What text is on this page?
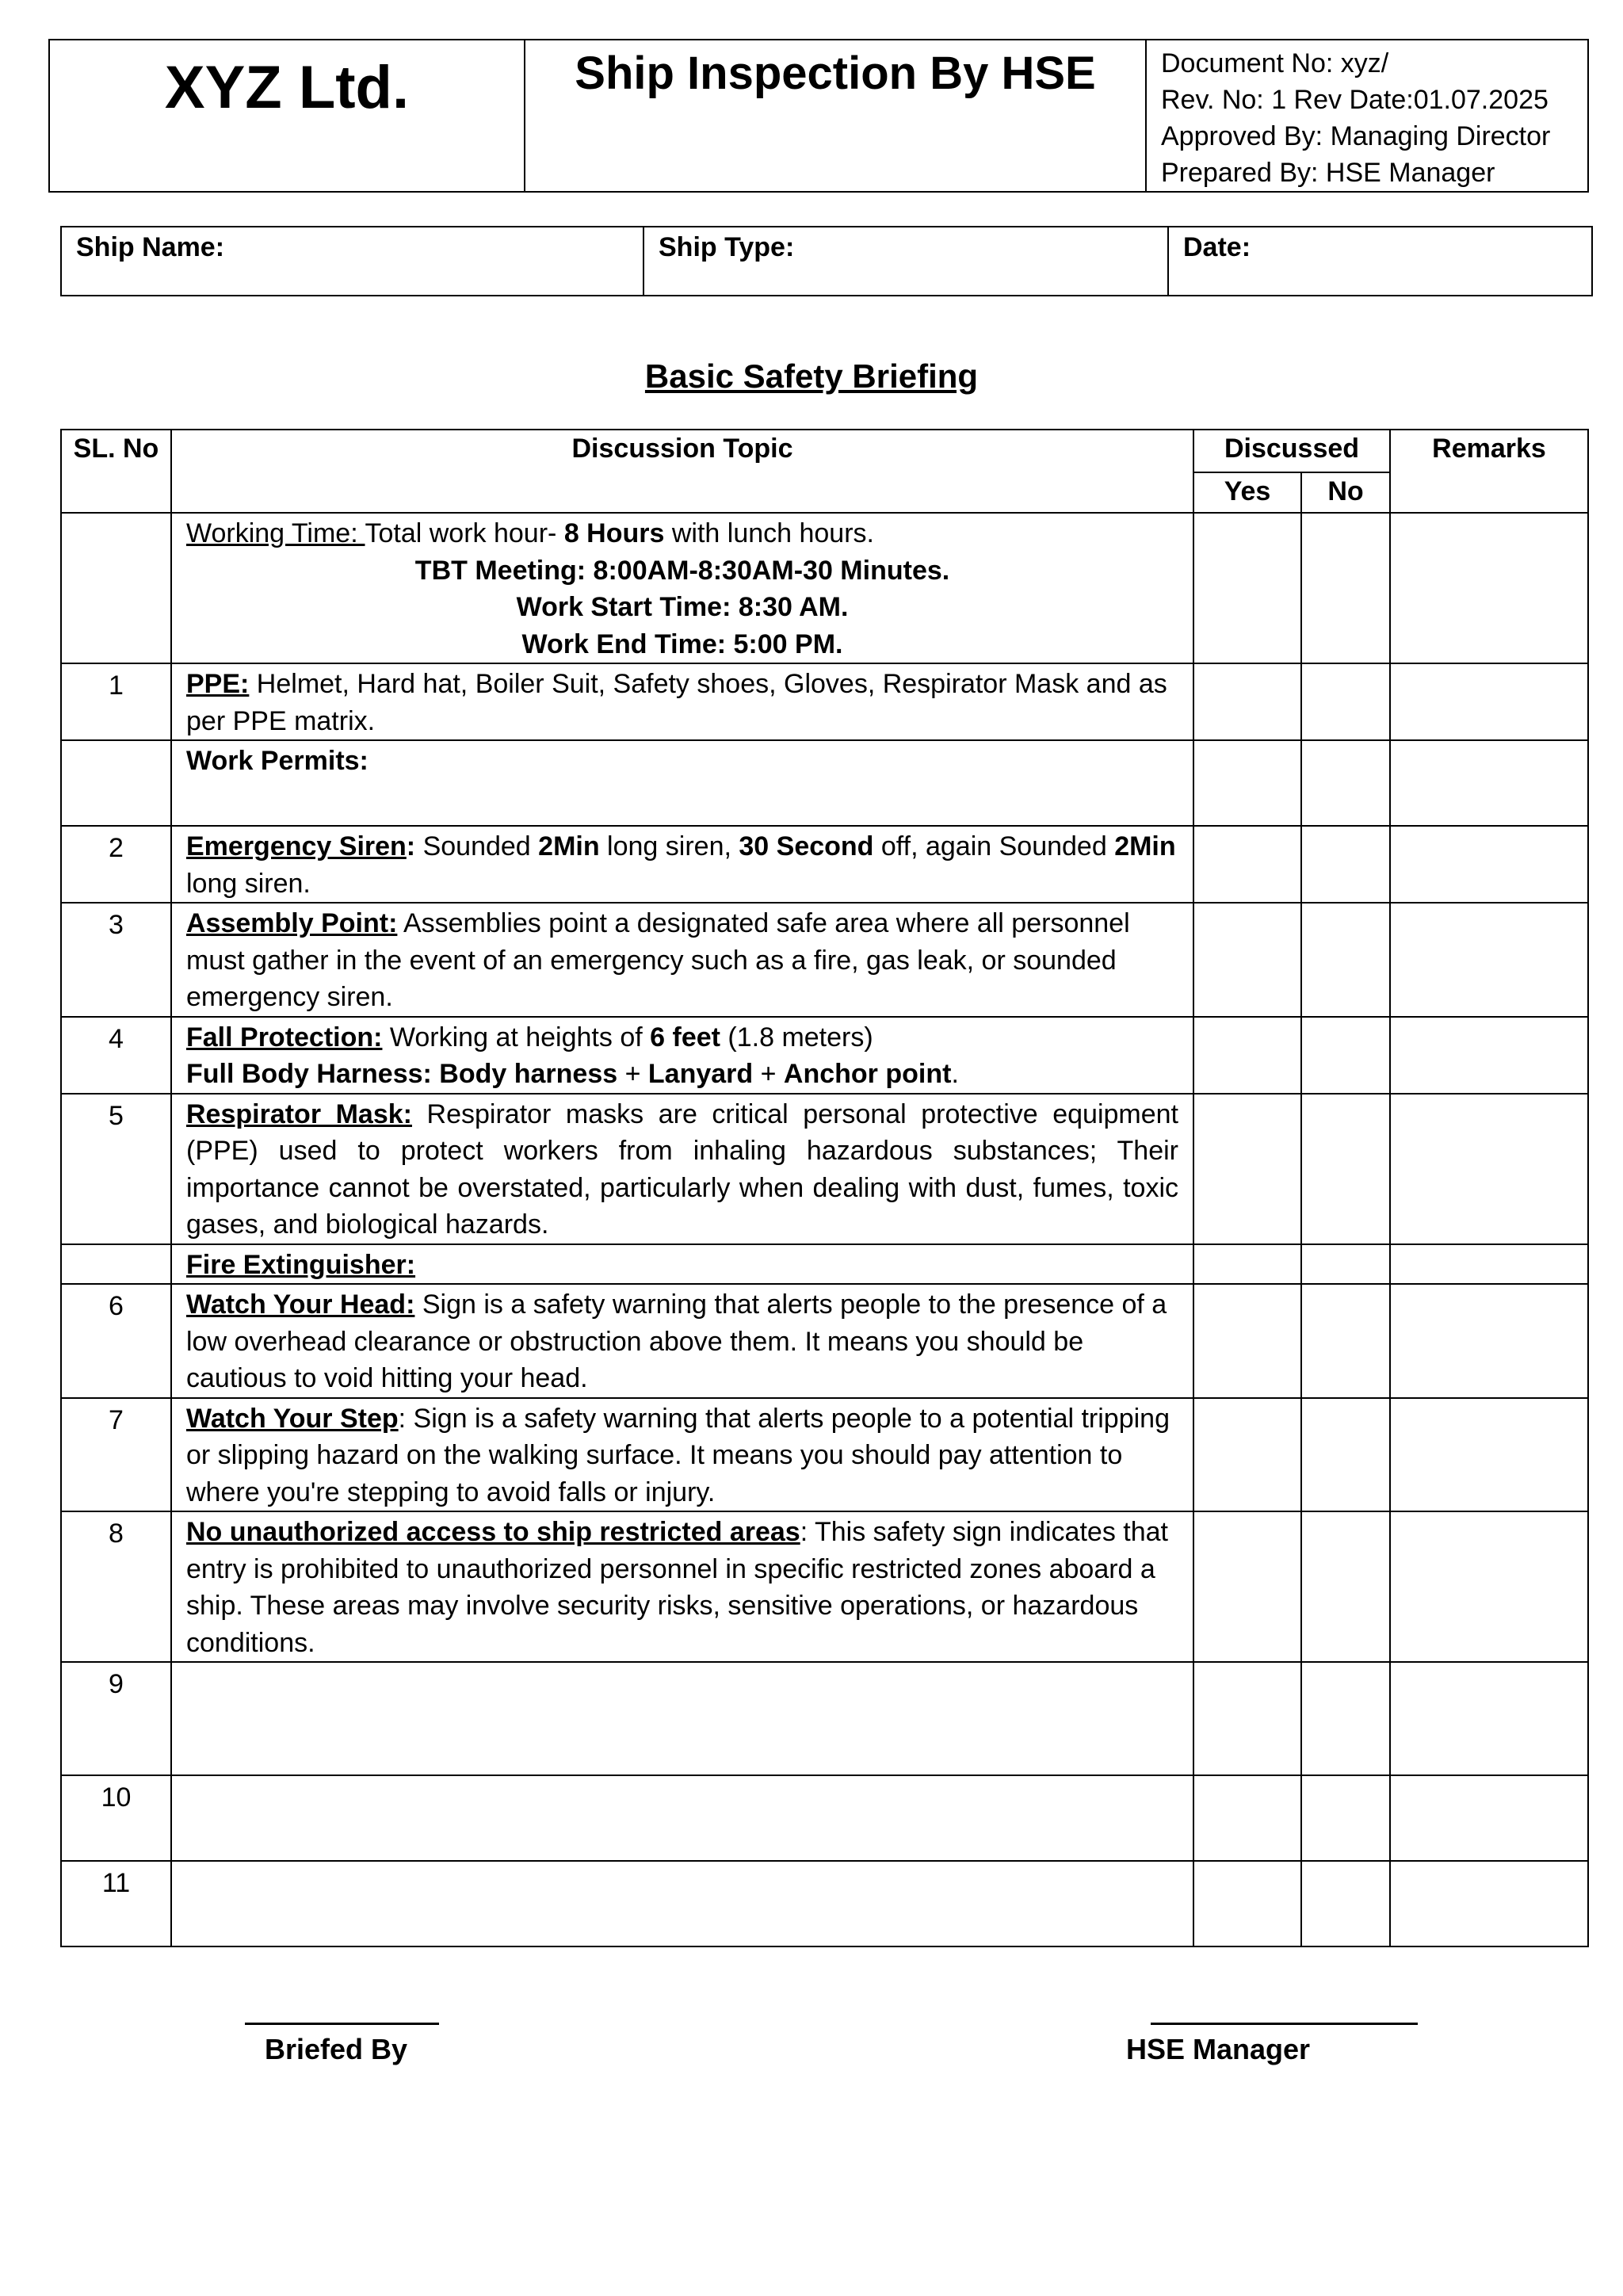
XYZ Ltd.	Ship Inspection By HSE	Document No: xyz/
Rev. No: 1 Rev Date:01.07.2025
Approved By: Managing Director
Prepared By: HSE Manager
Ship Name:	Ship Type:	Date:
Basic Safety Briefing
SL. No	Discussion Topic	Discussed		Remarks
		Yes	No	

	Working Time: Total work hour- 8 Hours with lunch hours.
TBT Meeting: 8:00AM-8:30AM-30 Minutes.
Work Start Time: 8:30 AM.
Work End Time: 5:00 PM.			

1	PPE: Helmet, Hard hat, Boiler Suit, Safety shoes, Gloves, Respirator Mask and as per PPE matrix.			
	Work Permits:			
2	Emergency Siren: Sounded 2Min long siren, 30 Second off, again Sounded 2Min long siren.			
3	Assembly Point: Assemblies point a designated safe area where all personnel must gather in the event of an emergency such as a fire, gas leak, or sounded emergency siren.			
4	Fall Protection: Working at heights of 6 feet (1.8 meters)
Full Body Harness: Body harness + Lanyard + Anchor point.			

5	Respirator Mask: Respirator masks are critical personal protective equipment (PPE) used to protect workers from inhaling hazardous substances; Their importance cannot be overstated, particularly when dealing with dust, fumes, toxic gases, and biological hazards.			
	Fire Extinguisher:			
6	Watch Your Head: Sign is a safety warning that alerts people to the presence of a low overhead clearance or obstruction above them. It means you should be cautious to void hitting your head.			
7	Watch Your Step: Sign is a safety warning that alerts people to a potential tripping or slipping hazard on the walking surface. It means you should pay attention to where you're stepping to avoid falls or injury.			
8	No unauthorized access to ship restricted areas: This safety sign indicates that entry is prohibited to unauthorized personnel in specific restricted zones aboard a ship. These areas may involve security risks, sensitive operations, or hazardous conditions.			
9				
10				
11				
Briefed By	HSE Manager
